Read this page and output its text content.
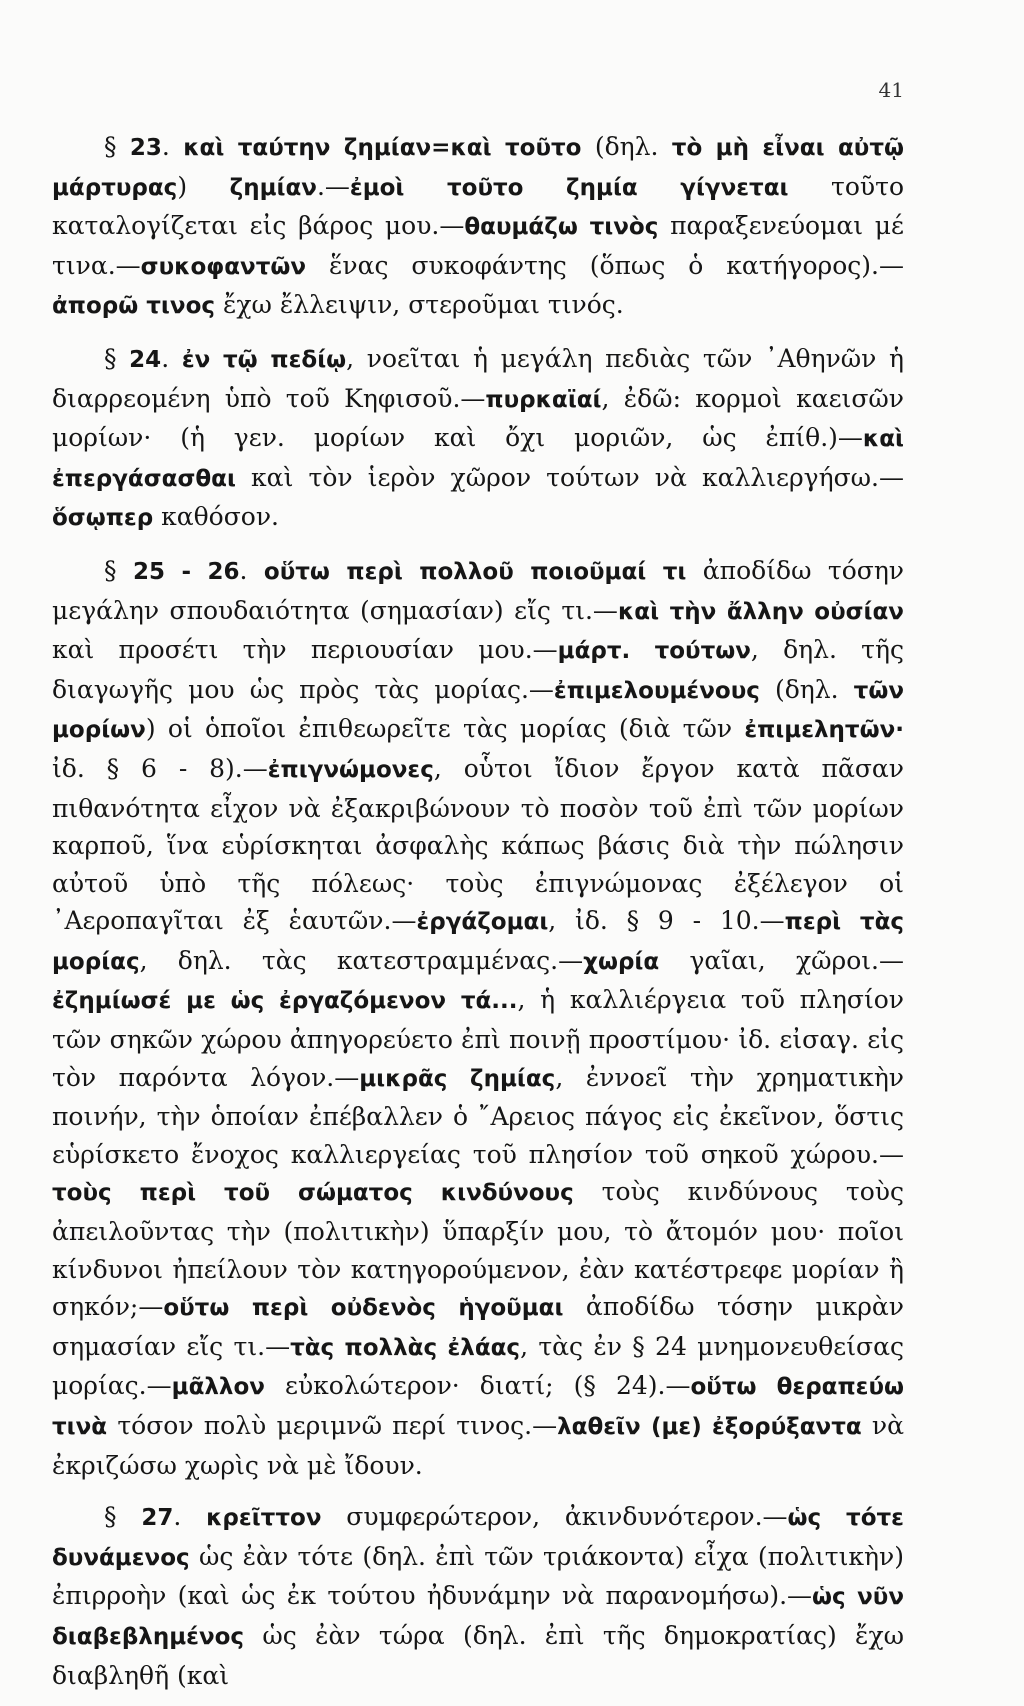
41

§ 23. καὶ ταύτην ζημίαν=καὶ τοῦτο (δηλ. τὸ μὴ εἶναι αὐτῷ μάρτυρας) ζημίαν.—ἐμοὶ τοῦτο ζημία γίγνεται τοῦτο καταλογίζεται εἰς βάρος μου.—θαυμάζω τινὸς παραξενεύομαι μέ τινα.—συκοφαντῶν ἕνας συκοφάντης (ὅπως ὁ κατήγορος).—ἀπορῶ τινος ἔχω ἔλλειψιν, στεροῦμαι τινός.

§ 24. ἐν τῷ πεδίῳ, νοεῖται ἡ μεγάλη πεδιὰς τῶν ᾿Αθηνῶν ἡ διαρρεομένη ὑπὸ τοῦ Κηφισοῦ.—πυρκαϊαί, ἐδῶ: κορμοὶ καεισῶν μορίων· (ἡ γεν. μορίων καὶ ὄχι μοριῶν, ὡς ἐπίθ.)—καὶ ἐπεργάσασθαι καὶ τὸν ἱερὸν χῶρον τούτων νὰ καλλιεργήσω.—ὅσῳπερ καθόσον.

§ 25 - 26. οὕτω περὶ πολλοῦ ποιοῦμαί τι ἀποδίδω τόσην μεγάλην σπουδαιότητα (σημασίαν) εἴς τι.—καὶ τὴν ἄλλην οὐσίαν καὶ προσέτι τὴν περιουσίαν μου.—μάρτ. τούτων, δηλ. τῆς διαγωγῆς μου ὡς πρὸς τὰς μορίας.—ἐπιμελουμένους (δηλ. τῶν μορίων) οἱ ὁποῖοι ἐπιθεωρεῖτε τὰς μορίας (διὰ τῶν ἐπιμελητῶν· ἰδ. § 6 - 8).—ἐπιγνώμονες, οὗτοι ἴδιον ἔργον κατὰ πᾶσαν πιθανότητα εἶχον νὰ ἐξακριβώνουν τὸ ποσὸν τοῦ ἐπὶ τῶν μορίων καρποῦ, ἵνα εὑρίσκηται ἀσφαλὴς κάπως βάσις διὰ τὴν πώλησιν αὐτοῦ ὑπὸ τῆς πόλεως· τοὺς ἐπιγνώμονας ἐξέλεγον οἱ ᾿Αεροπαγῖται ἐξ ἑαυτῶν.—ἐργάζομαι, ἰδ. § 9 - 10.—περὶ τὰς μορίας, δηλ. τὰς κατεστραμμένας.—χωρία γαῖαι, χῶροι.—ἐζημίωσέ με ὡς ἐργαζόμενον τά..., ἡ καλλιέργεια τοῦ πλησίον τῶν σηκῶν χώρου ἀπηγορεύετο ἐπὶ ποινῇ προστίμου· ἰδ. εἰσαγ. εἰς τὸν παρόντα λόγον.—μικρᾶς ζημίας, ἐννοεῖ τὴν χρηματικὴν ποινήν, τὴν ὁποίαν ἐπέβαλλεν ὁ ῎Αρειος πάγος εἰς ἐκεῖνον, ὅστις εὑρίσκετο ἔνοχος καλλιεργείας τοῦ πλησίον τοῦ σηκοῦ χώρου.—τοὺς περὶ τοῦ σώματος κινδύνους τοὺς κινδύνους τοὺς ἀπειλοῦντας τὴν (πολιτικὴν) ὕπαρξίν μου, τὸ ἄτομόν μου· ποῖοι κίνδυνοι ἠπείλουν τὸν κατηγορούμενον, ἐὰν κατέστρεφε μορίαν ἢ σηκόν;—οὕτω περὶ οὐδενὸς ἡγοῦμαι ἀποδίδω τόσην μικρὰν σημασίαν εἴς τι.—τὰς πολλὰς ἐλάας, τὰς ἐν § 24 μνημονευθείσας μορίας.—μᾶλλον εὐκολώτερον· διατί; (§ 24).—οὕτω θεραπεύω τινὰ τόσον πολὺ μεριμνῶ περί τινος.—λαθεῖν (με) ἐξορύξαντα νὰ ἐκριζώσω χωρὶς νὰ μὲ ἴδουν.

§ 27. κρεῖττον συμφερώτερον, ἀκινδυνότερον.—ὡς τότε δυνάμενος ὡς ἐὰν τότε (δηλ. ἐπὶ τῶν τριάκοντα) εἶχα (πολιτικὴν) ἐπιρροὴν (καὶ ὡς ἐκ τούτου ἠδυνάμην νὰ παρανομήσω).—ὡς νῦν διαβεβλημένος ὡς ἐὰν τώρα (δηλ. ἐπὶ τῆς δημοκρατίας) ἔχω διαβληθῆ (καὶ
